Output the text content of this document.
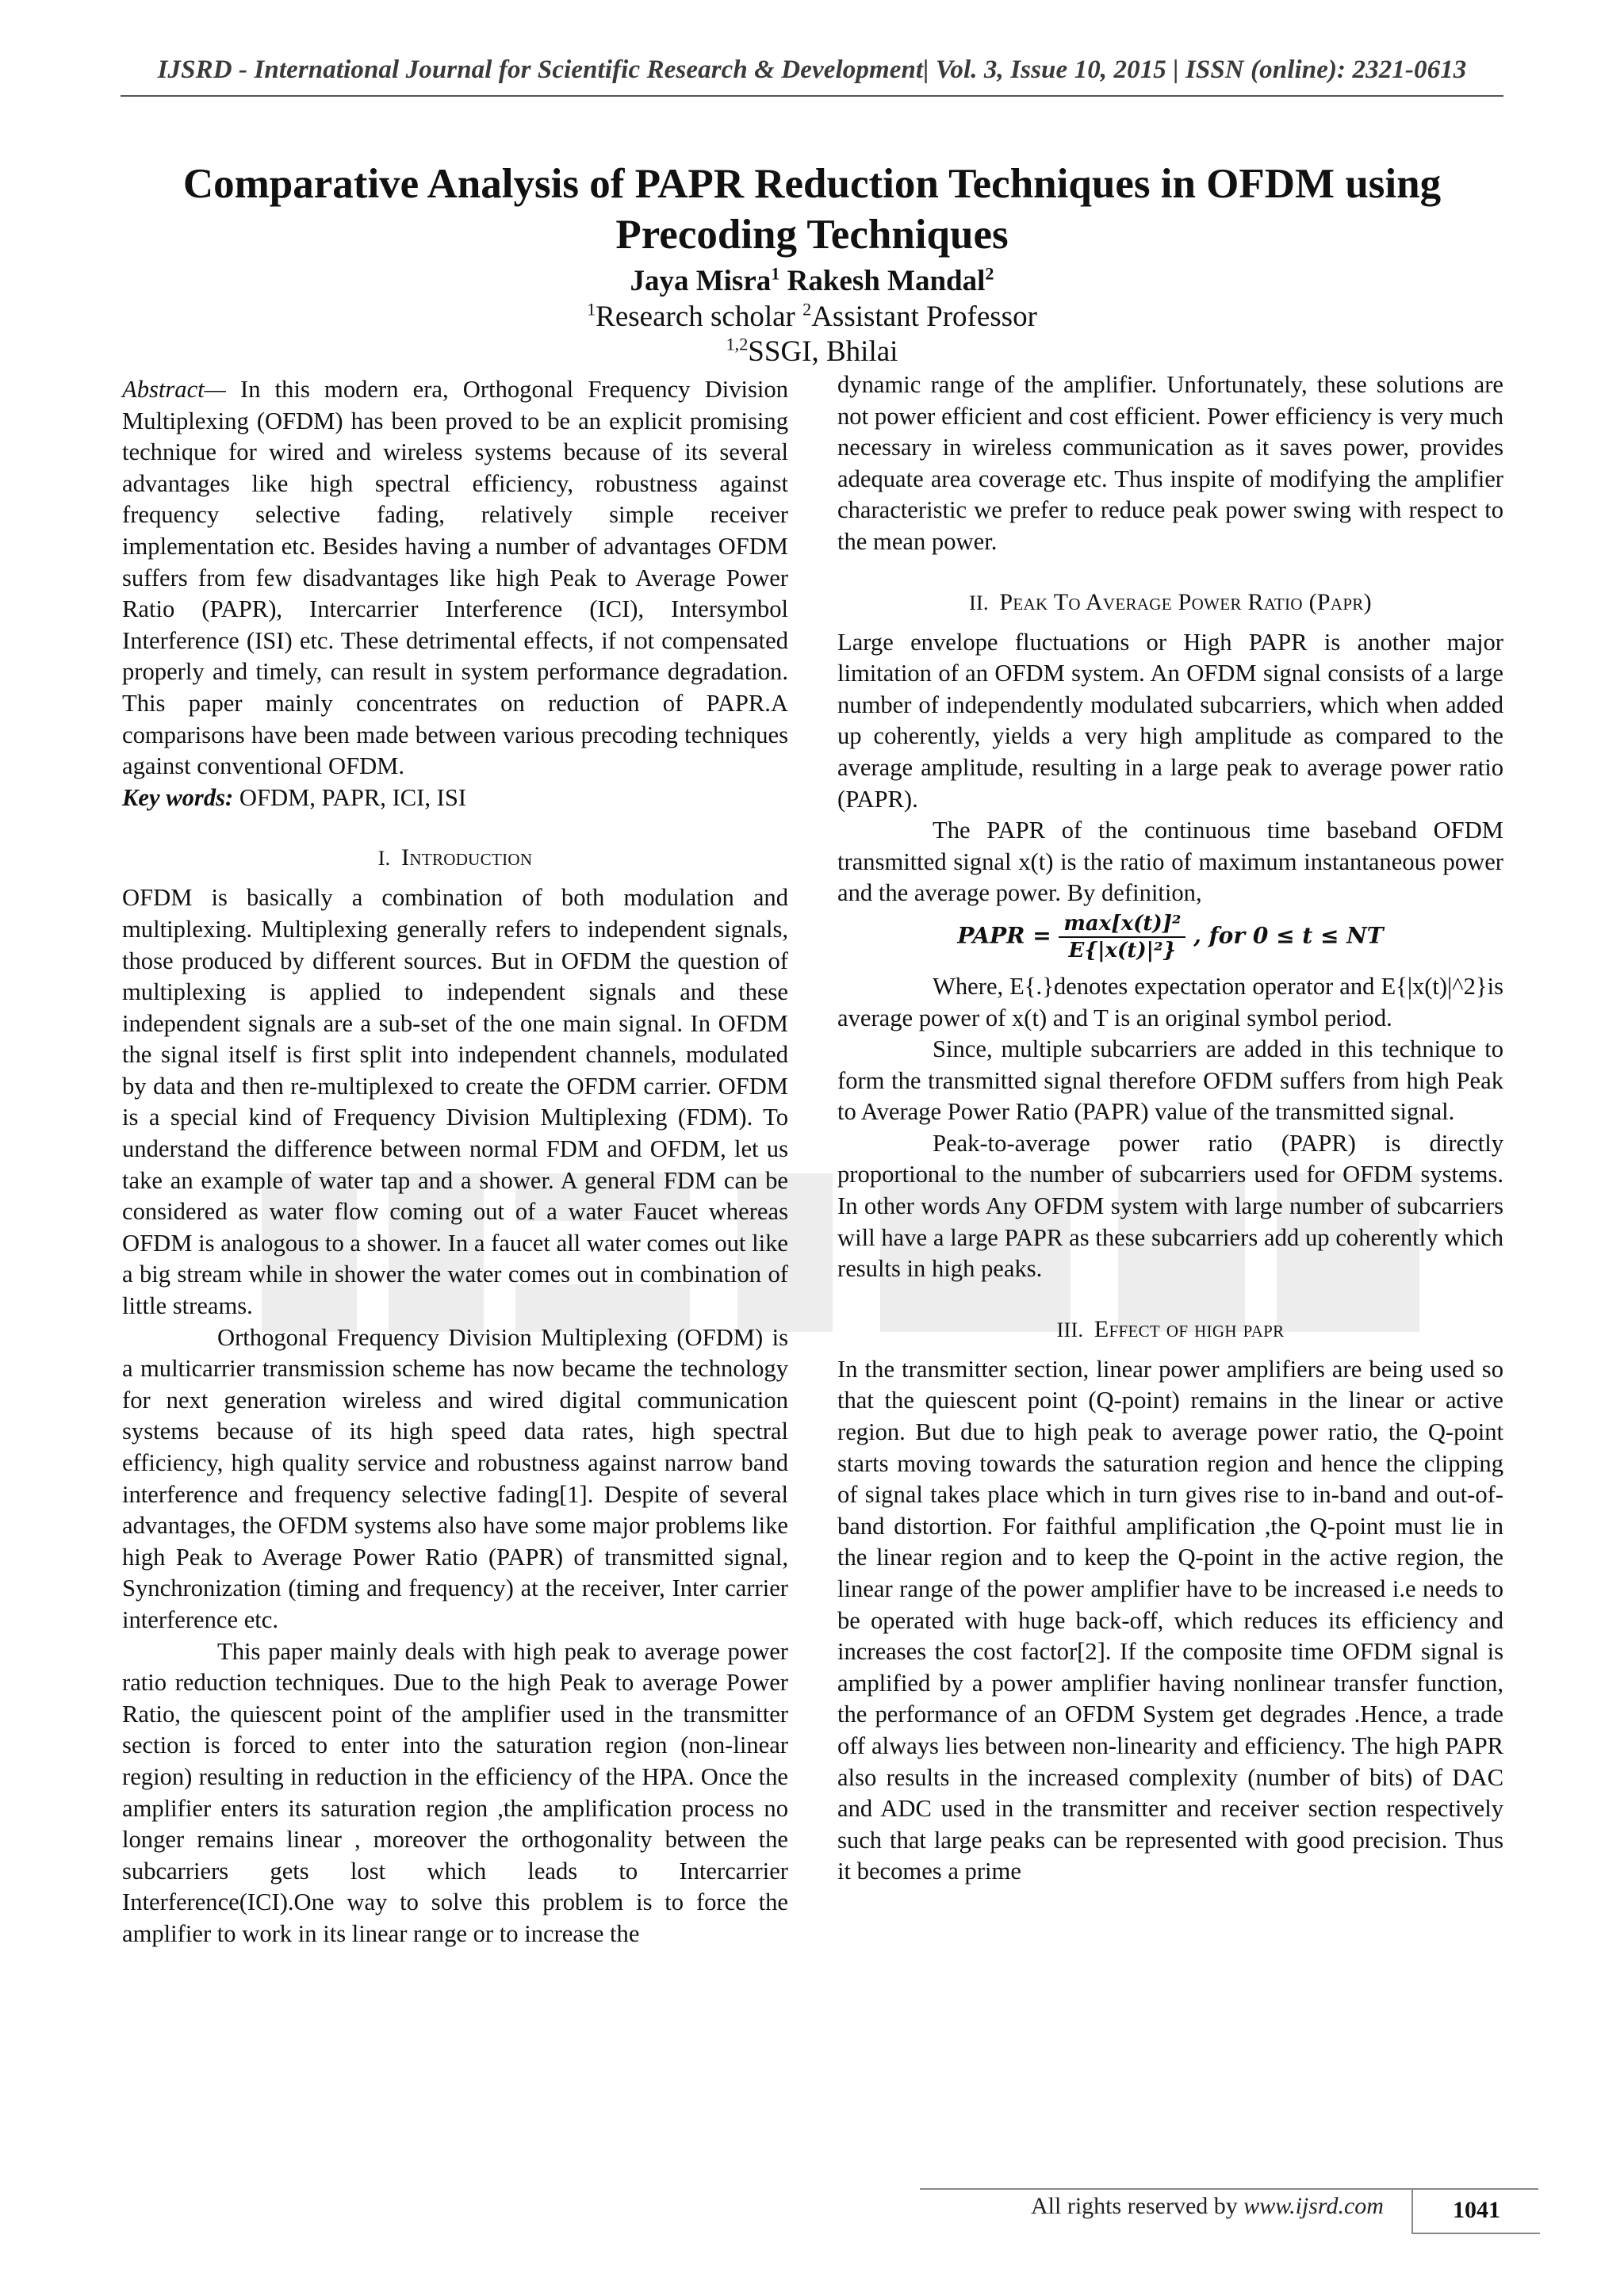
IJSRD - International Journal for Scientific Research & Development| Vol. 3, Issue 10, 2015 | ISSN (online): 2321-0613
Comparative Analysis of PAPR Reduction Techniques in OFDM using Precoding Techniques
Jaya Misra$^1$ Rakesh Mandal$^2$
$^1$Research scholar $^2$Assistant Professor
$^{1,2}$SSGI, Bhilai

Abstract— In this modern era, Orthogonal Frequency Division Multiplexing (OFDM) has been proved to be an explicit promising technique for wired and wireless systems because of its several advantages like high spectral efficiency, robustness against frequency selective fading, relatively simple receiver implementation etc. Besides having a number of advantages OFDM suffers from few disadvantages like high Peak to Average Power Ratio (PAPR), Intercarrier Interference (ICI), Intersymbol Interference (ISI) etc. These detrimental effects, if not compensated properly and timely, can result in system performance degradation. This paper mainly concentrates on reduction of PAPR.A comparisons have been made between various precoding techniques against conventional OFDM.

Key words: OFDM, PAPR, ICI, ISI

I. Introduction

OFDM is basically a combination of both modulation and multiplexing. Multiplexing generally refers to independent signals, those produced by different sources. But in OFDM the question of multiplexing is applied to independent signals and these independent signals are a sub-set of the one main signal. In OFDM the signal itself is first split into independent channels, modulated by data and then re-multiplexed to create the OFDM carrier. OFDM is a special kind of Frequency Division Multiplexing (FDM). To understand the difference between normal FDM and OFDM, let us take an example of water tap and a shower. A general FDM can be considered as water flow coming out of a water Faucet whereas OFDM is analogous to a shower. In a faucet all water comes out like a big stream while in shower the water comes out in combination of little streams.

Orthogonal Frequency Division Multiplexing (OFDM) is a multicarrier transmission scheme has now became the technology for next generation wireless and wired digital communication systems because of its high speed data rates, high spectral efficiency, high quality service and robustness against narrow band interference and frequency selective fading[1]. Despite of several advantages, the OFDM systems also have some major problems like high Peak to Average Power Ratio (PAPR) of transmitted signal, Synchronization (timing and frequency) at the receiver, Inter carrier interference etc.

This paper mainly deals with high peak to average power ratio reduction techniques. Due to the high Peak to average Power Ratio, the quiescent point of the amplifier used in the transmitter section is forced to enter into the saturation region (non-linear region) resulting in reduction in the efficiency of the HPA. Once the amplifier enters its saturation region ,the amplification process no longer remains linear , moreover the orthogonality between the subcarriers gets lost which leads to Intercarrier Interference(ICI).One way to solve this problem is to force the amplifier to work in its linear range or to increase the

dynamic range of the amplifier. Unfortunately, these solutions are not power efficient and cost efficient. Power efficiency is very much necessary in wireless communication as it saves power, provides adequate area coverage etc. Thus inspite of modifying the amplifier characteristic we prefer to reduce peak power swing with respect to the mean power.

II. Peak To Average Power Ratio (Papr)

Large envelope fluctuations or High PAPR is another major limitation of an OFDM system. An OFDM signal consists of a large number of independently modulated subcarriers, which when added up coherently, yields a very high amplitude as compared to the average amplitude, resulting in a large peak to average power ratio (PAPR).

The PAPR of the continuous time baseband OFDM transmitted signal x(t) is the ratio of maximum instantaneous power and the average power. By definition,

PAPR = $\frac{\text{max[x(t)]²}}{\text{E\{|x(t)|²\}}}$ , for 0 ≤ t ≤ NT

Where, E{.}denotes expectation operator and E{|x(t)|^2}is average power of x(t) and T is an original symbol period.

Since, multiple subcarriers are added in this technique to form the transmitted signal therefore OFDM suffers from high Peak to Average Power Ratio (PAPR) value of the transmitted signal.

Peak-to-average power ratio (PAPR) is directly proportional to the number of subcarriers used for OFDM systems. In other words Any OFDM system with large number of subcarriers will have a large PAPR as these subcarriers add up coherently which results in high peaks.

III. Effect of high papr

In the transmitter section, linear power amplifiers are being used so that the quiescent point (Q-point) remains in the linear or active region. But due to high peak to average power ratio, the Q-point starts moving towards the saturation region and hence the clipping of signal takes place which in turn gives rise to in-band and out-of- band distortion. For faithful amplification ,the Q-point must lie in the linear region and to keep the Q-point in the active region, the linear range of the power amplifier have to be increased i.e needs to be operated with huge back-off, which reduces its efficiency and increases the cost factor[2]. If the composite time OFDM signal is amplified by a power amplifier having nonlinear transfer function, the performance of an OFDM System get degrades .Hence, a trade off always lies between non-linearity and efficiency. The high PAPR also results in the increased complexity (number of bits) of DAC and ADC used in the transmitter and receiver section respectively such that large peaks can be represented with good precision. Thus it becomes a prime

All rights reserved by www.ijsrd.com	1041
